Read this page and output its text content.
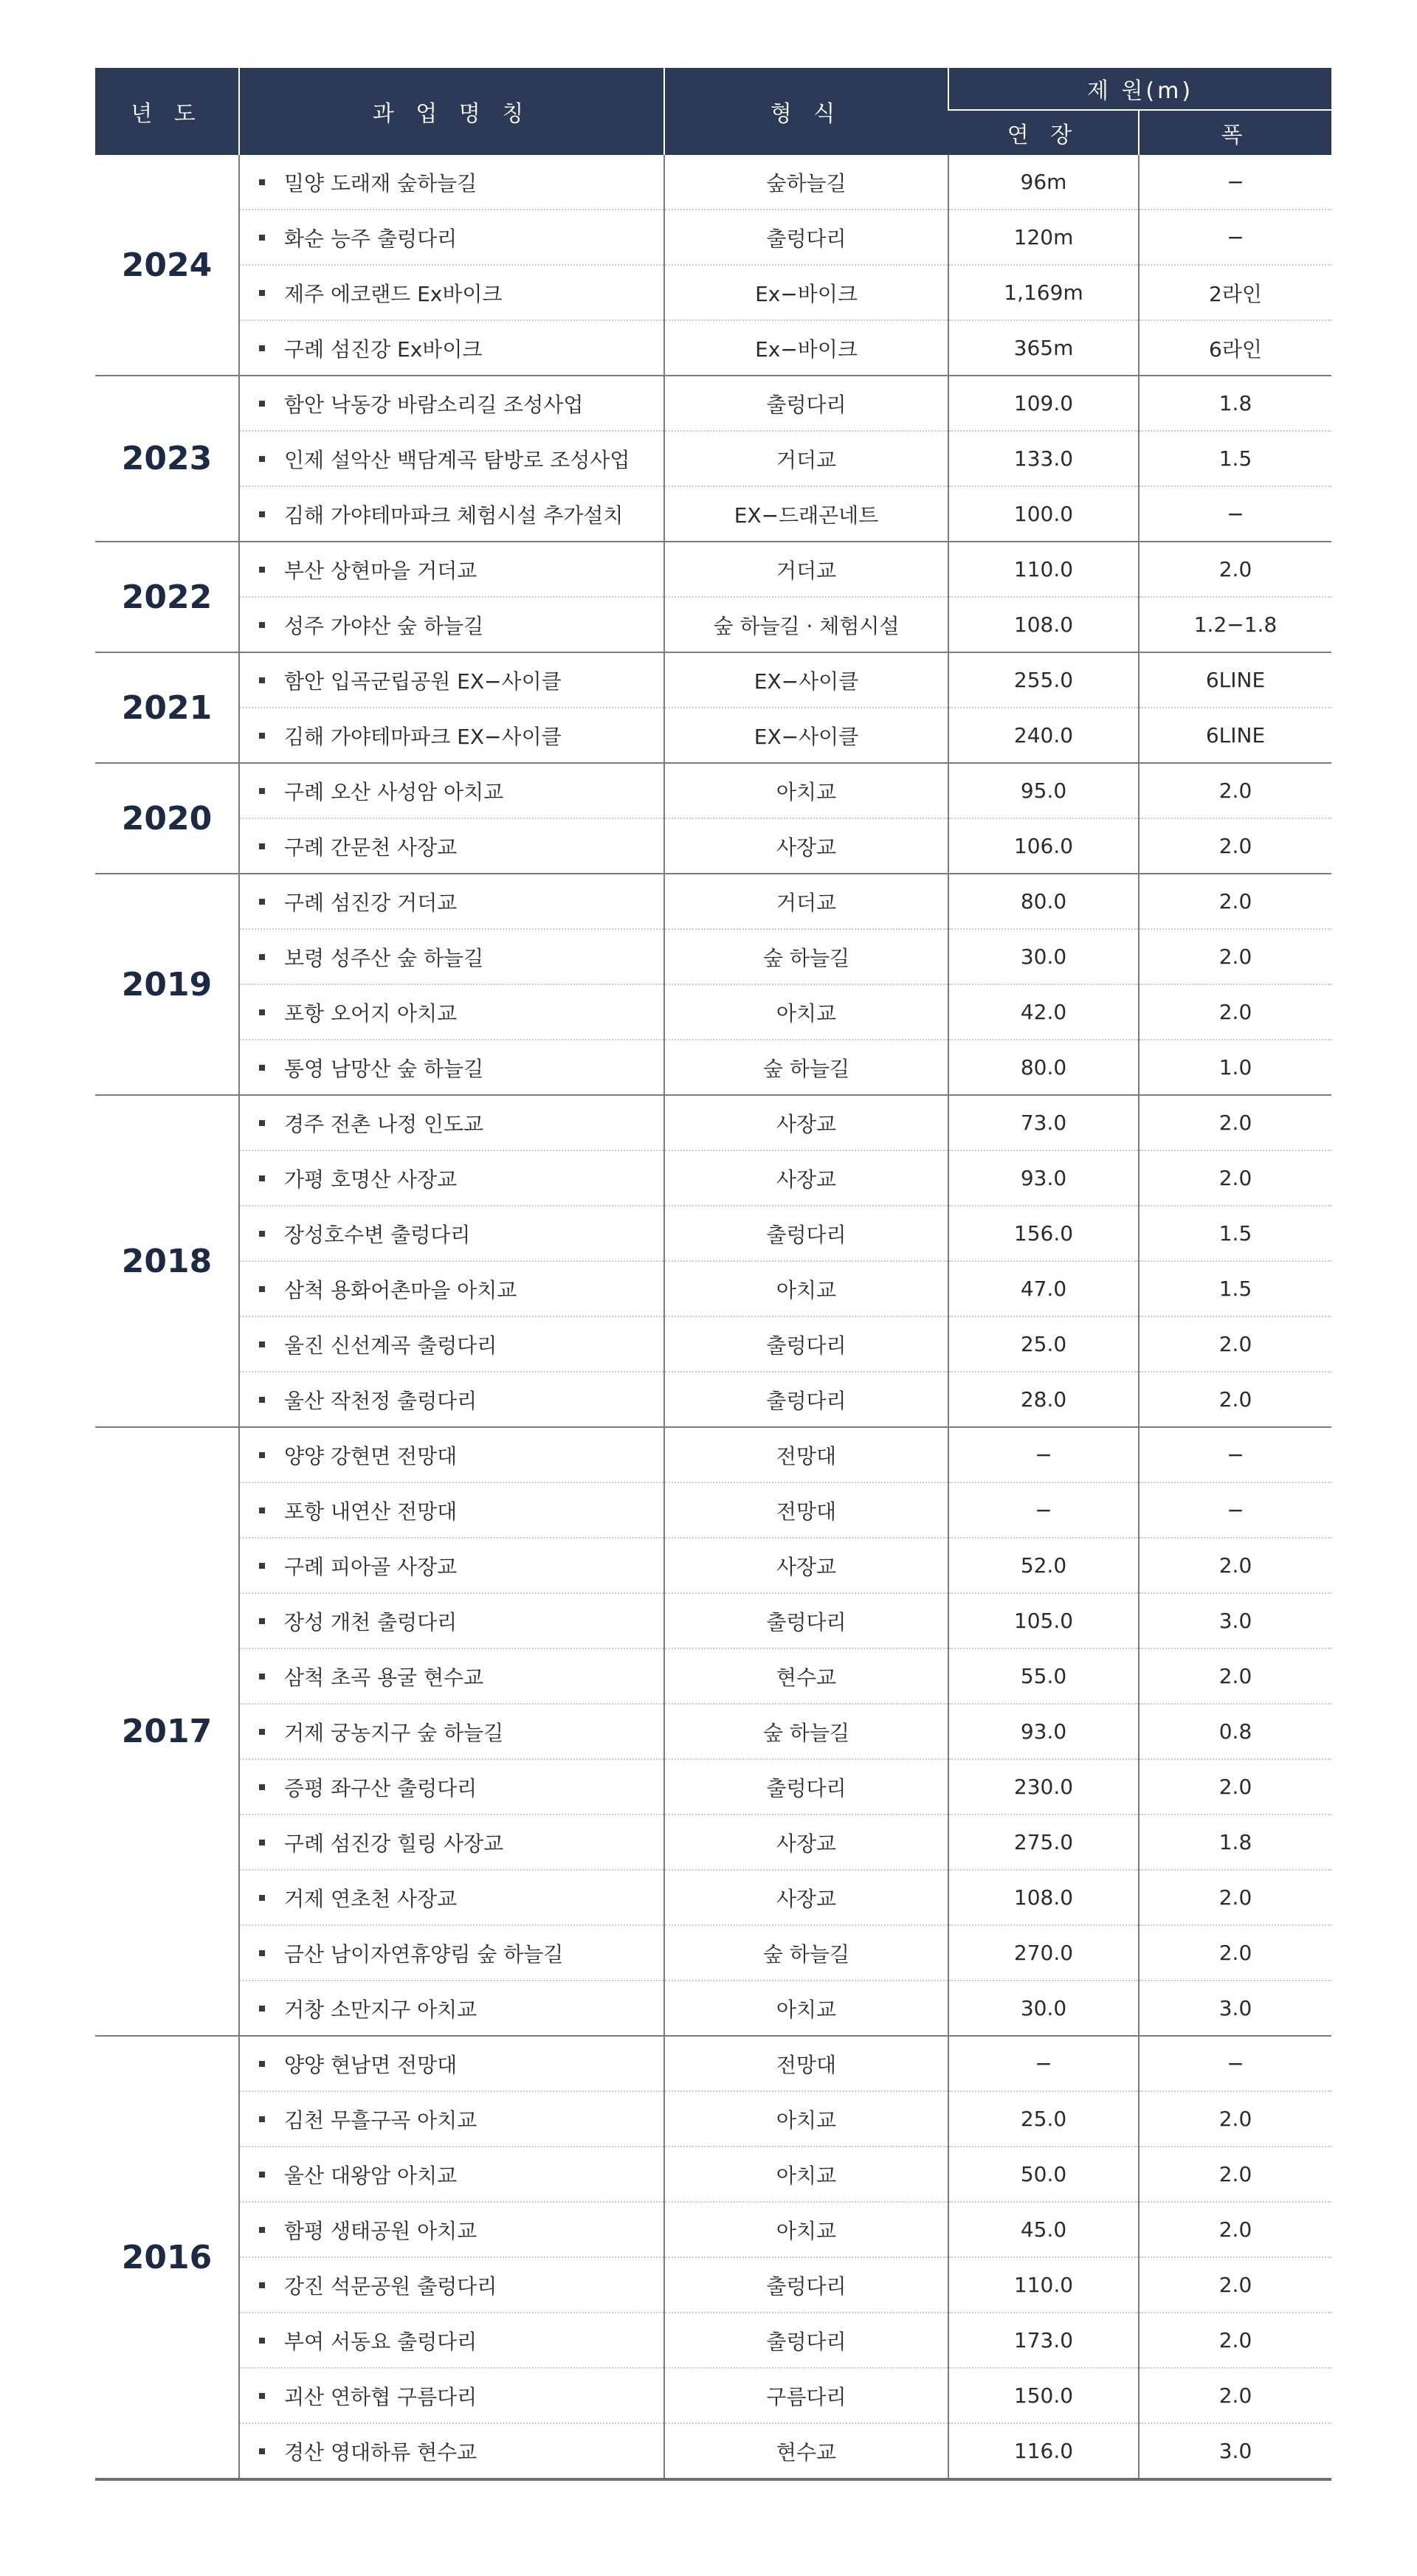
년 도	과 업 명 칭	형 식	제 원(m)	
			연 장	폭
2024	밀양 도래재 숲하늘길	숲하늘길	96m	−
	화순 능주 출렁다리	출렁다리	120m	−
	제주 에코랜드 Ex바이크	Ex−바이크	1,169m	2라인
	구례 섬진강 Ex바이크	Ex−바이크	365m	6라인
2023	함안 낙동강 바람소리길 조성사업	출렁다리	109.0	1.8
	인제 설악산 백담계곡 탐방로 조성사업	거더교	133.0	1.5
	김해 가야테마파크 체험시설 추가설치	EX−드래곤네트	100.0	−
2022	부산 상현마을 거더교	거더교	110.0	2.0
	성주 가야산 숲 하늘길	숲 하늘길 · 체험시설	108.0	1.2−1.8
2021	함안 입곡군립공원 EX−사이클	EX−사이클	255.0	6LINE
	김해 가야테마파크 EX−사이클	EX−사이클	240.0	6LINE
2020	구례 오산 사성암 아치교	아치교	95.0	2.0
	구례 간문천 사장교	사장교	106.0	2.0
2019	구례 섬진강 거더교	거더교	80.0	2.0
	보령 성주산 숲 하늘길	숲 하늘길	30.0	2.0
	포항 오어지 아치교	아치교	42.0	2.0
	통영 남망산 숲 하늘길	숲 하늘길	80.0	1.0
2018	경주 전촌 나정 인도교	사장교	73.0	2.0
	가평 호명산 사장교	사장교	93.0	2.0
	장성호수변 출렁다리	출렁다리	156.0	1.5
	삼척 용화어촌마을 아치교	아치교	47.0	1.5
	울진 신선계곡 출렁다리	출렁다리	25.0	2.0
	울산 작천정 출렁다리	출렁다리	28.0	2.0
2017	양양 강현면 전망대	전망대	−	−
	포항 내연산 전망대	전망대	−	−
	구례 피아골 사장교	사장교	52.0	2.0
	장성 개천 출렁다리	출렁다리	105.0	3.0
	삼척 초곡 용굴 현수교	현수교	55.0	2.0
	거제 궁농지구 숲 하늘길	숲 하늘길	93.0	0.8
	증평 좌구산 출렁다리	출렁다리	230.0	2.0
	구례 섬진강 힐링 사장교	사장교	275.0	1.8
	거제 연초천 사장교	사장교	108.0	2.0
	금산 남이자연휴양림 숲 하늘길	숲 하늘길	270.0	2.0
	거창 소만지구 아치교	아치교	30.0	3.0
2016	양양 현남면 전망대	전망대	−	−
	김천 무흘구곡 아치교	아치교	25.0	2.0
	울산 대왕암 아치교	아치교	50.0	2.0
	함평 생태공원 아치교	아치교	45.0	2.0
	강진 석문공원 출렁다리	출렁다리	110.0	2.0
	부여 서동요 출렁다리	출렁다리	173.0	2.0
	괴산 연하협 구름다리	구름다리	150.0	2.0
	경산 영대하류 현수교	현수교	116.0	3.0
